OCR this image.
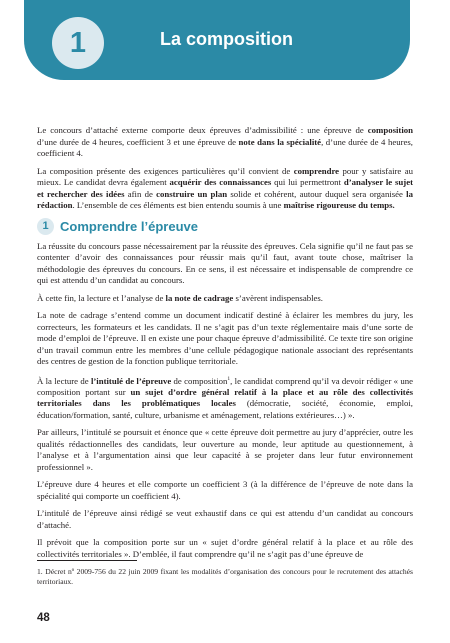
1	La composition

Le concours d’attaché externe comporte deux épreuves d’admissibilité : une épreuve de composition d’une durée de 4 heures, coefficient 3 et une épreuve de note dans la spécialité, d’une durée de 4 heures, coefficient 4.

La composition présente des exigences particulières qu’il convient de comprendre pour y satisfaire au mieux. Le candidat devra également acquérir des connaissances qui lui permettront d’analyser le sujet et rechercher des idées afin de construire un plan solide et cohérent, autour duquel sera organisée la rédaction. L’ensemble de ces éléments est bien entendu soumis à une maîtrise rigoureuse du temps.

1 Comprendre l’épreuve

La réussite du concours passe nécessairement par la réussite des épreuves. Cela signifie qu’il ne faut pas se contenter d’avoir des connaissances pour réussir mais qu’il faut, avant toute chose, maîtriser la méthodologie des épreuves du concours. En ce sens, il est nécessaire et indispensable de comprendre ce qui est attendu d’un candidat au concours.

À cette fin, la lecture et l’analyse de la note de cadrage s’avèrent indispensables.

La note de cadrage s’entend comme un document indicatif destiné à éclairer les membres du jury, les correcteurs, les formateurs et les candidats. Il ne s’agit pas d’un texte réglementaire mais d’une sorte de mode d’emploi de l’épreuve. Il en existe une pour chaque épreuve d’admissibilité. Ce texte tire son origine d’un travail commun entre les membres d’une cellule pédagogique nationale associant des représentants des centres de gestion de la fonction publique territoriale.

À la lecture de l’intitulé de l’épreuve de composition$^1$, le candidat comprend qu’il va devoir rédiger « une composition portant sur un sujet d’ordre général relatif à la place et au rôle des collectivités territoriales dans les problématiques locales (démocratie, société, économie, emploi, éducation/formation, santé, culture, urbanisme et aménagement, relations extérieures…) ».

Par ailleurs, l’intitulé se poursuit et énonce que « cette épreuve doit permettre au jury d’apprécier, outre les qualités rédactionnelles des candidats, leur ouverture au monde, leur aptitude au questionnement, à l’analyse et à l’argumentation ainsi que leur capacité à se projeter dans leur futur environnement professionnel ».

L’épreuve dure 4 heures et elle comporte un coefficient 3 (à la différence de l’épreuve de note dans la spécialité qui comporte un coefficient 4).

L’intitulé de l’épreuve ainsi rédigé se veut exhaustif dans ce qui est attendu d’un candidat au concours d’attaché.

Il prévoit que la composition porte sur un « sujet d’ordre général relatif à la place et au rôle des collectivités territoriales ». D’emblée, il faut comprendre qu’il ne s’agit pas d’une épreuve de

1. Décret nº 2009-756 du 22 juin 2009 fixant les modalités d’organisation des concours pour le recrutement des attachés territoriaux.
48
